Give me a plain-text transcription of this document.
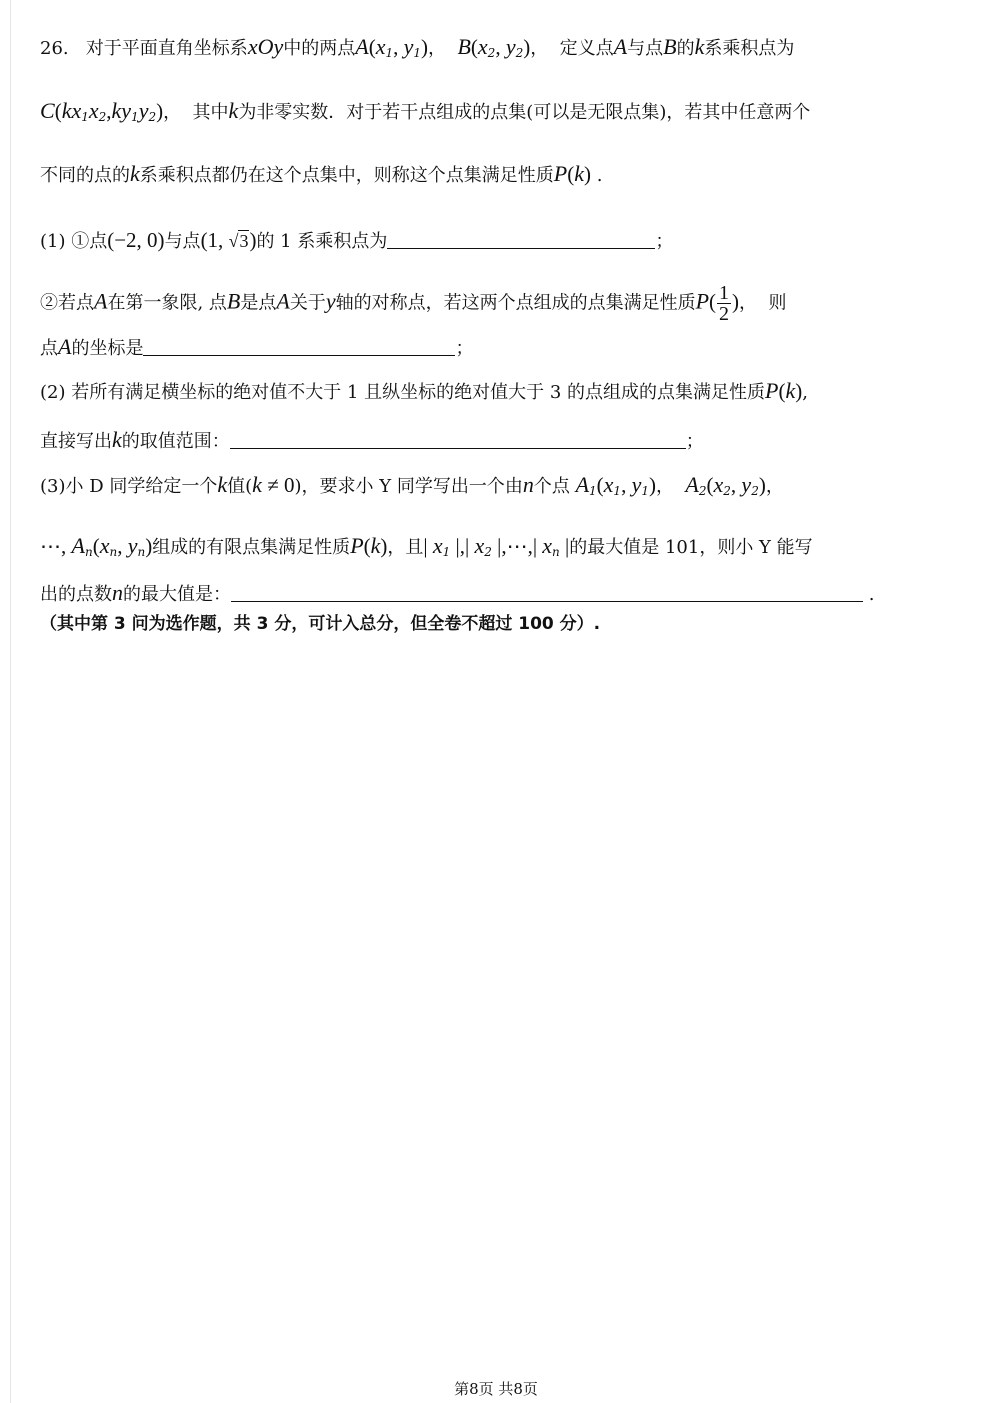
26. 对于平面直角坐标系xOy中的两点$A(x_1$, $y_1$)，  $B(x_2$, $y_2$)，  定义点A与点B的k系乘积点为
$C(kx_1x_2,ky_1y_2)$，  其中k为非零实数．对于若干点组成的点集(可以是无限点集)，若其中任意两个
不同的点的k系乘积点都仍在这个点集中，则称这个点集满足性质P(k) .
(1) ①点(−2, 0)与点(1, √3)的 1 系乘积点为	；
②若点A在第一象限, 点B是点A关于y轴的对称点，若这两个点组成的点集满足性质$P( \frac{1}{2}$ )，  则
点A的坐标是	；
(2) 若所有满足横坐标的绝对值不大于 1 且纵坐标的绝对值大于 3 的点组成的点集满足性质P(k),
直接写出k的取值范围：	；
(3)小 D 同学给定一个k值(k ≠ 0)，要求小 Y 同学写出一个由n个点 $A_1(x_1$, $y_1$)，  $A_2(x_2$, $y_2$)，
⋯, $A_n(x_n$, $y_n$)组成的有限点集满足性质P(k)，且| $x_1$ |,| $x_2$ |,⋯,| $x_n$ |的最大值是 101，则小 Y 能写
出的点数n的最大值是：	.
（其中第 3 问为选作题，共 3 分，可计入总分，但全卷不超过 100 分）.
第8页 共8页
